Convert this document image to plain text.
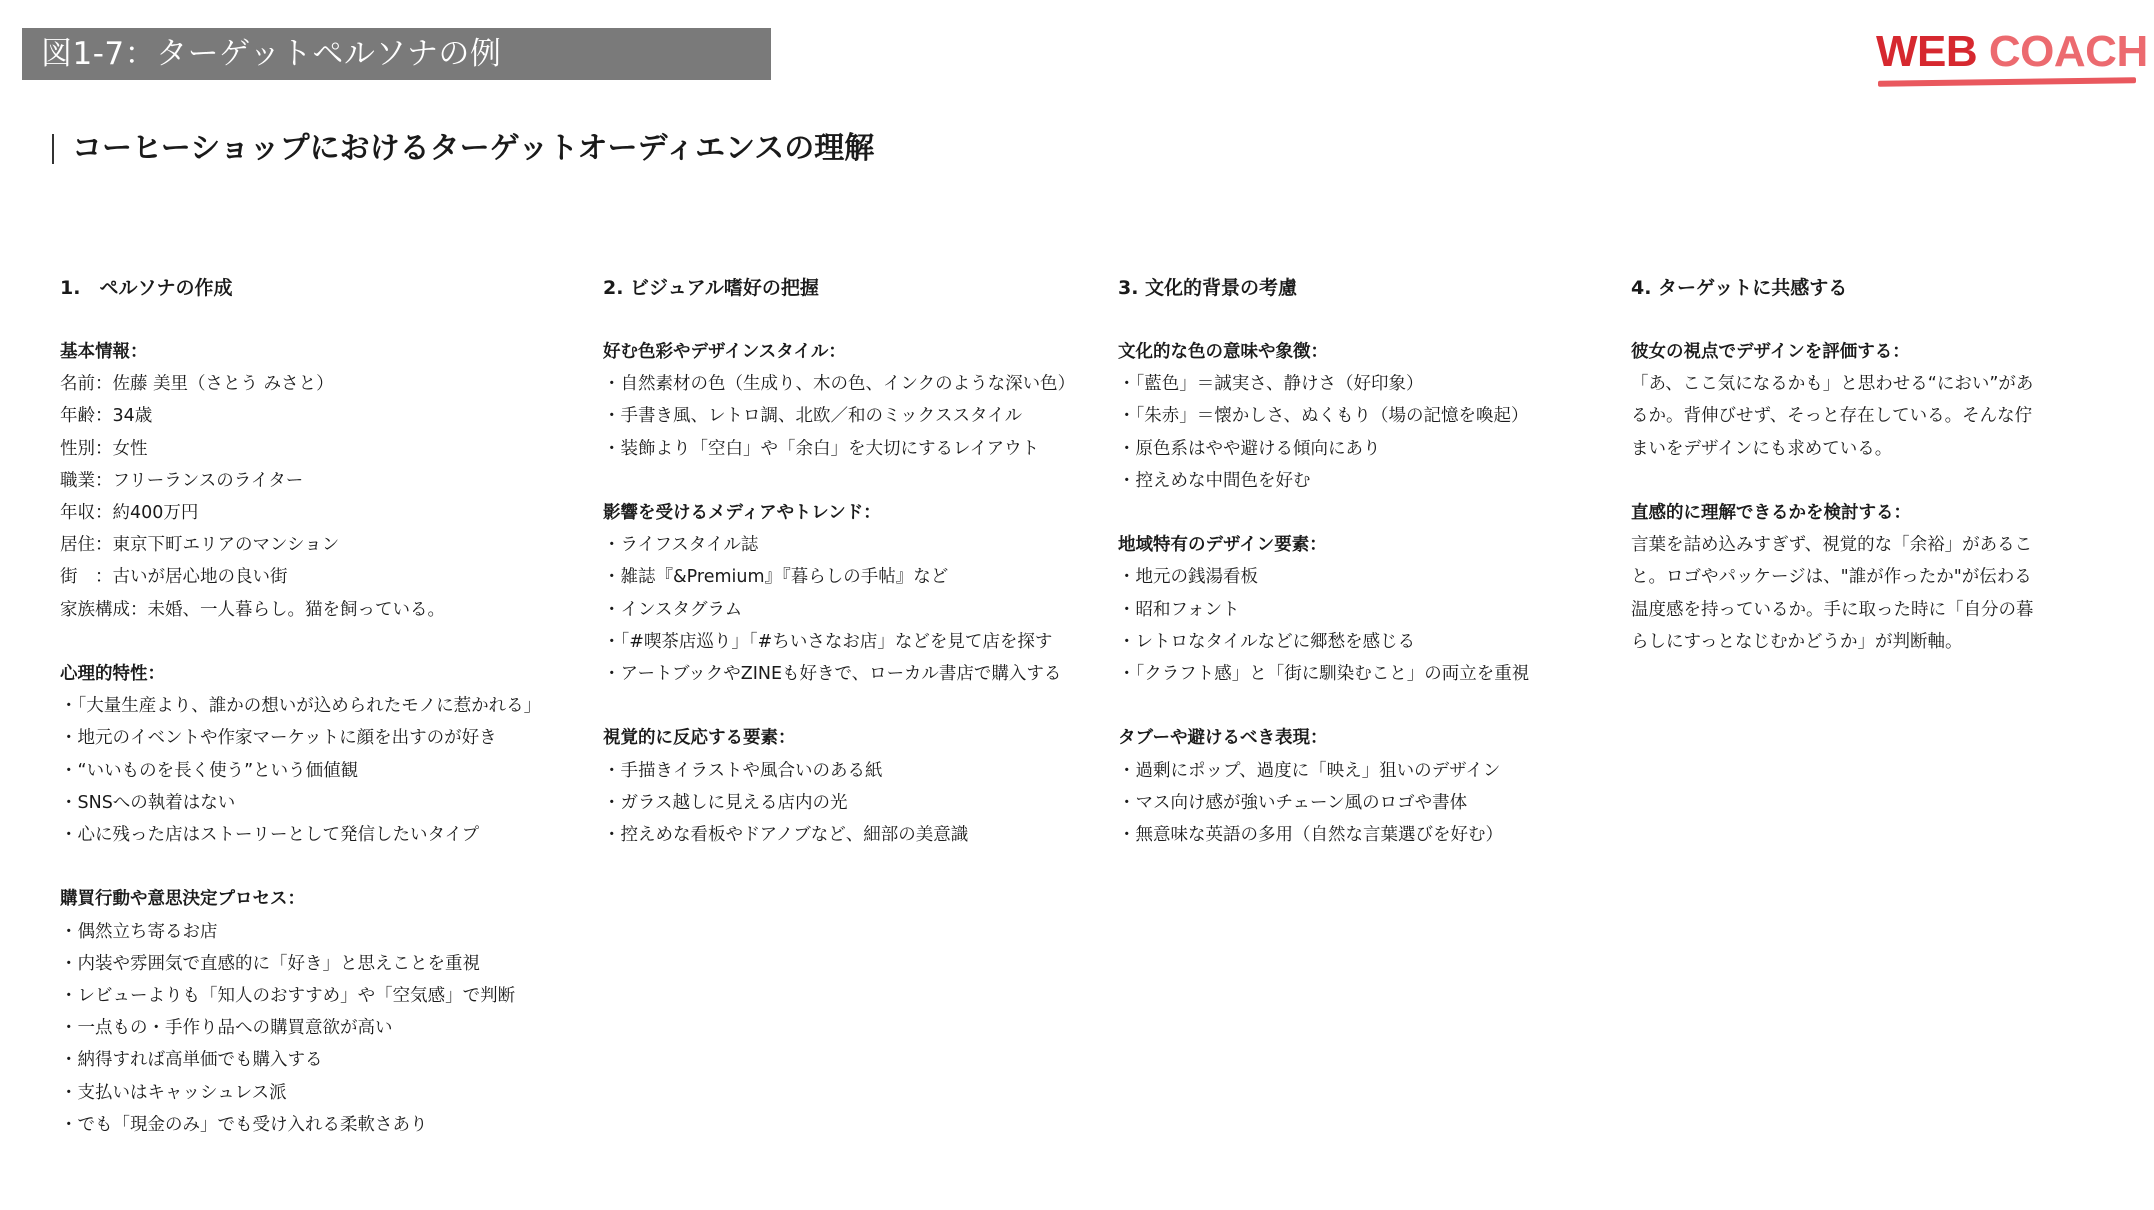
図1-7：ターゲットペルソナの例	WEB COACH
コーヒーショップにおけるターゲットオーディエンスの理解
1.　ペルソナの作成
基本情報：
名前：佐藤 美里（さとう みさと）
年齢：34歳
性別：女性
職業：フリーランスのライター
年収：約400万円
居住：東京下町エリアのマンション
街　：古いが居心地の良い街
家族構成：未婚、一人暮らし。猫を飼っている。
心理的特性：
・「大量生産より、誰かの想いが込められたモノに惹かれる」
・地元のイベントや作家マーケットに顔を出すのが好き
・“いいものを長く使う”という価値観
・SNSへの執着はない
・心に残った店はストーリーとして発信したいタイプ
購買行動や意思決定プロセス：
・偶然立ち寄るお店
・内装や雰囲気で直感的に「好き」と思えことを重視
・レビューよりも「知人のおすすめ」や「空気感」で判断
・一点もの・手作り品への購買意欲が高い
・納得すれば高単価でも購入する
・支払いはキャッシュレス派
・でも「現金のみ」でも受け入れる柔軟さあり
2. ビジュアル嗜好の把握
好む色彩やデザインスタイル：
・自然素材の色（生成り、木の色、インクのような深い色）
・手書き風、レトロ調、北欧／和のミックススタイル
・装飾より「空白」や「余白」を大切にするレイアウト
影響を受けるメディアやトレンド：
・ライフスタイル誌
・雑誌『&Premium』『暮らしの手帖』など
・インスタグラム
・「#喫茶店巡り」「#ちいさなお店」などを見て店を探す
・アートブックやZINEも好きで、ローカル書店で購入する
視覚的に反応する要素：
・手描きイラストや風合いのある紙
・ガラス越しに見える店内の光
・控えめな看板やドアノブなど、細部の美意識
3. 文化的背景の考慮
文化的な色の意味や象徴：
・「藍色」＝誠実さ、静けさ（好印象）
・「朱赤」＝懐かしさ、ぬくもり（場の記憶を喚起）
・原色系はやや避ける傾向にあり
・控えめな中間色を好む
地域特有のデザイン要素：
・地元の銭湯看板
・昭和フォント
・レトロなタイルなどに郷愁を感じる
・「クラフト感」と「街に馴染むこと」の両立を重視
タブーや避けるべき表現：
・過剰にポップ、過度に「映え」狙いのデザイン
・マス向け感が強いチェーン風のロゴや書体
・無意味な英語の多用（自然な言葉選びを好む）
4. ターゲットに共感する
彼女の視点でデザインを評価する：
「あ、ここ気になるかも」と思わせる“におい”があ
るか。背伸びせず、そっと存在している。そんな佇
まいをデザインにも求めている。
直感的に理解できるかを検討する：
言葉を詰め込みすぎず、視覚的な「余裕」があるこ
と。ロゴやパッケージは、"誰が作ったか"が伝わる
温度感を持っているか。手に取った時に「自分の暮
らしにすっとなじむかどうか」が判断軸。
